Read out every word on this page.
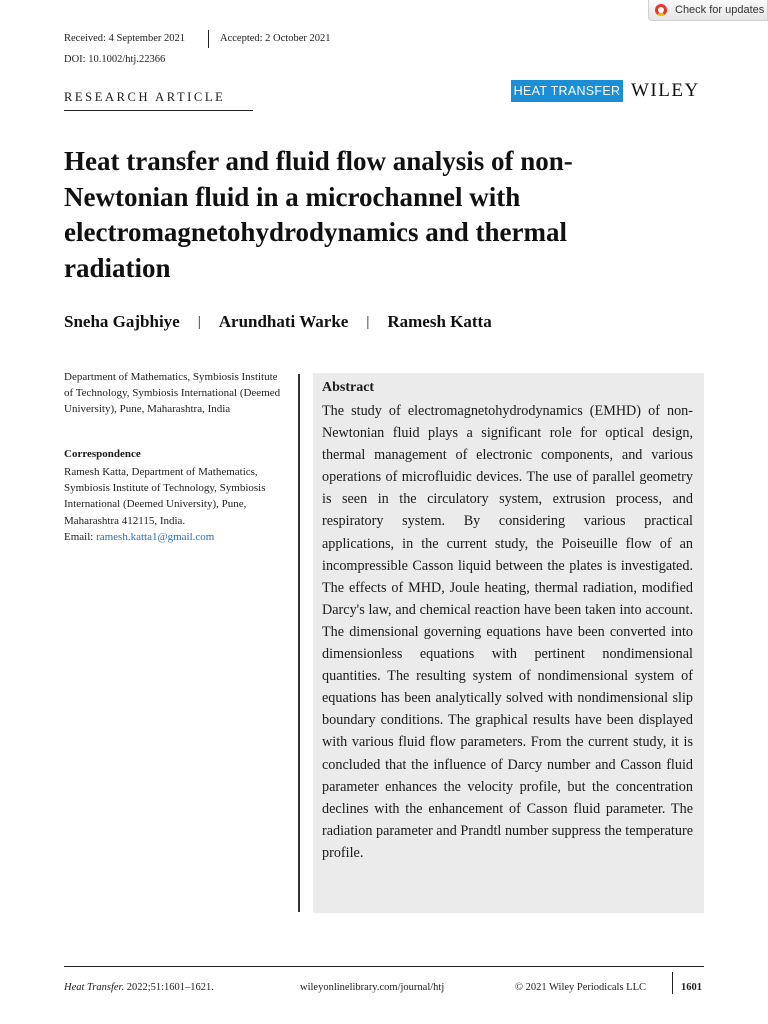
Check for updates
Received: 4 September 2021	Accepted: 2 October 2021
DOI: 10.1002/htj.22366
RESEARCH ARTICLE	HEAT TRANSFER WILEY
Heat transfer and fluid flow analysis of non-Newtonian fluid in a microchannel with electromagnetohydrodynamics and thermal radiation
Sneha Gajbhiye | Arundhati Warke | Ramesh Katta
Department of Mathematics, Symbiosis Institute of Technology, Symbiosis International (Deemed University), Pune, Maharashtra, India
Correspondence
Ramesh Katta, Department of Mathematics, Symbiosis Institute of Technology, Symbiosis International (Deemed University), Pune, Maharashtra 412115, India.
Email: ramesh.katta1@gmail.com
Abstract

The study of electromagnetohydrodynamics (EMHD) of non-Newtonian fluid plays a significant role for optical design, thermal management of electronic components, and various operations of microfluidic devices. The use of parallel geometry is seen in the circulatory system, extrusion process, and respiratory system. By considering various practical applications, in the current study, the Poiseuille flow of an incompressible Casson liquid between the plates is investigated. The effects of MHD, Joule heating, thermal radiation, modified Darcy's law, and chemical reaction have been taken into account. The dimensional governing equations have been converted into dimensionless equations with pertinent nondimensional quantities. The resulting system of nondimensional system of equations has been analytically solved with nondimensional slip boundary conditions. The graphical results have been displayed with various fluid flow parameters. From the current study, it is concluded that the influence of Darcy number and Casson fluid parameter enhances the velocity profile, but the concentration declines with the enhancement of Casson fluid parameter. The radiation parameter and Prandtl number suppress the temperature profile.

Heat Transfer. 2022;51:1601–1621.	wileyonlinelibrary.com/journal/htj	© 2021 Wiley Periodicals LLC	1601
